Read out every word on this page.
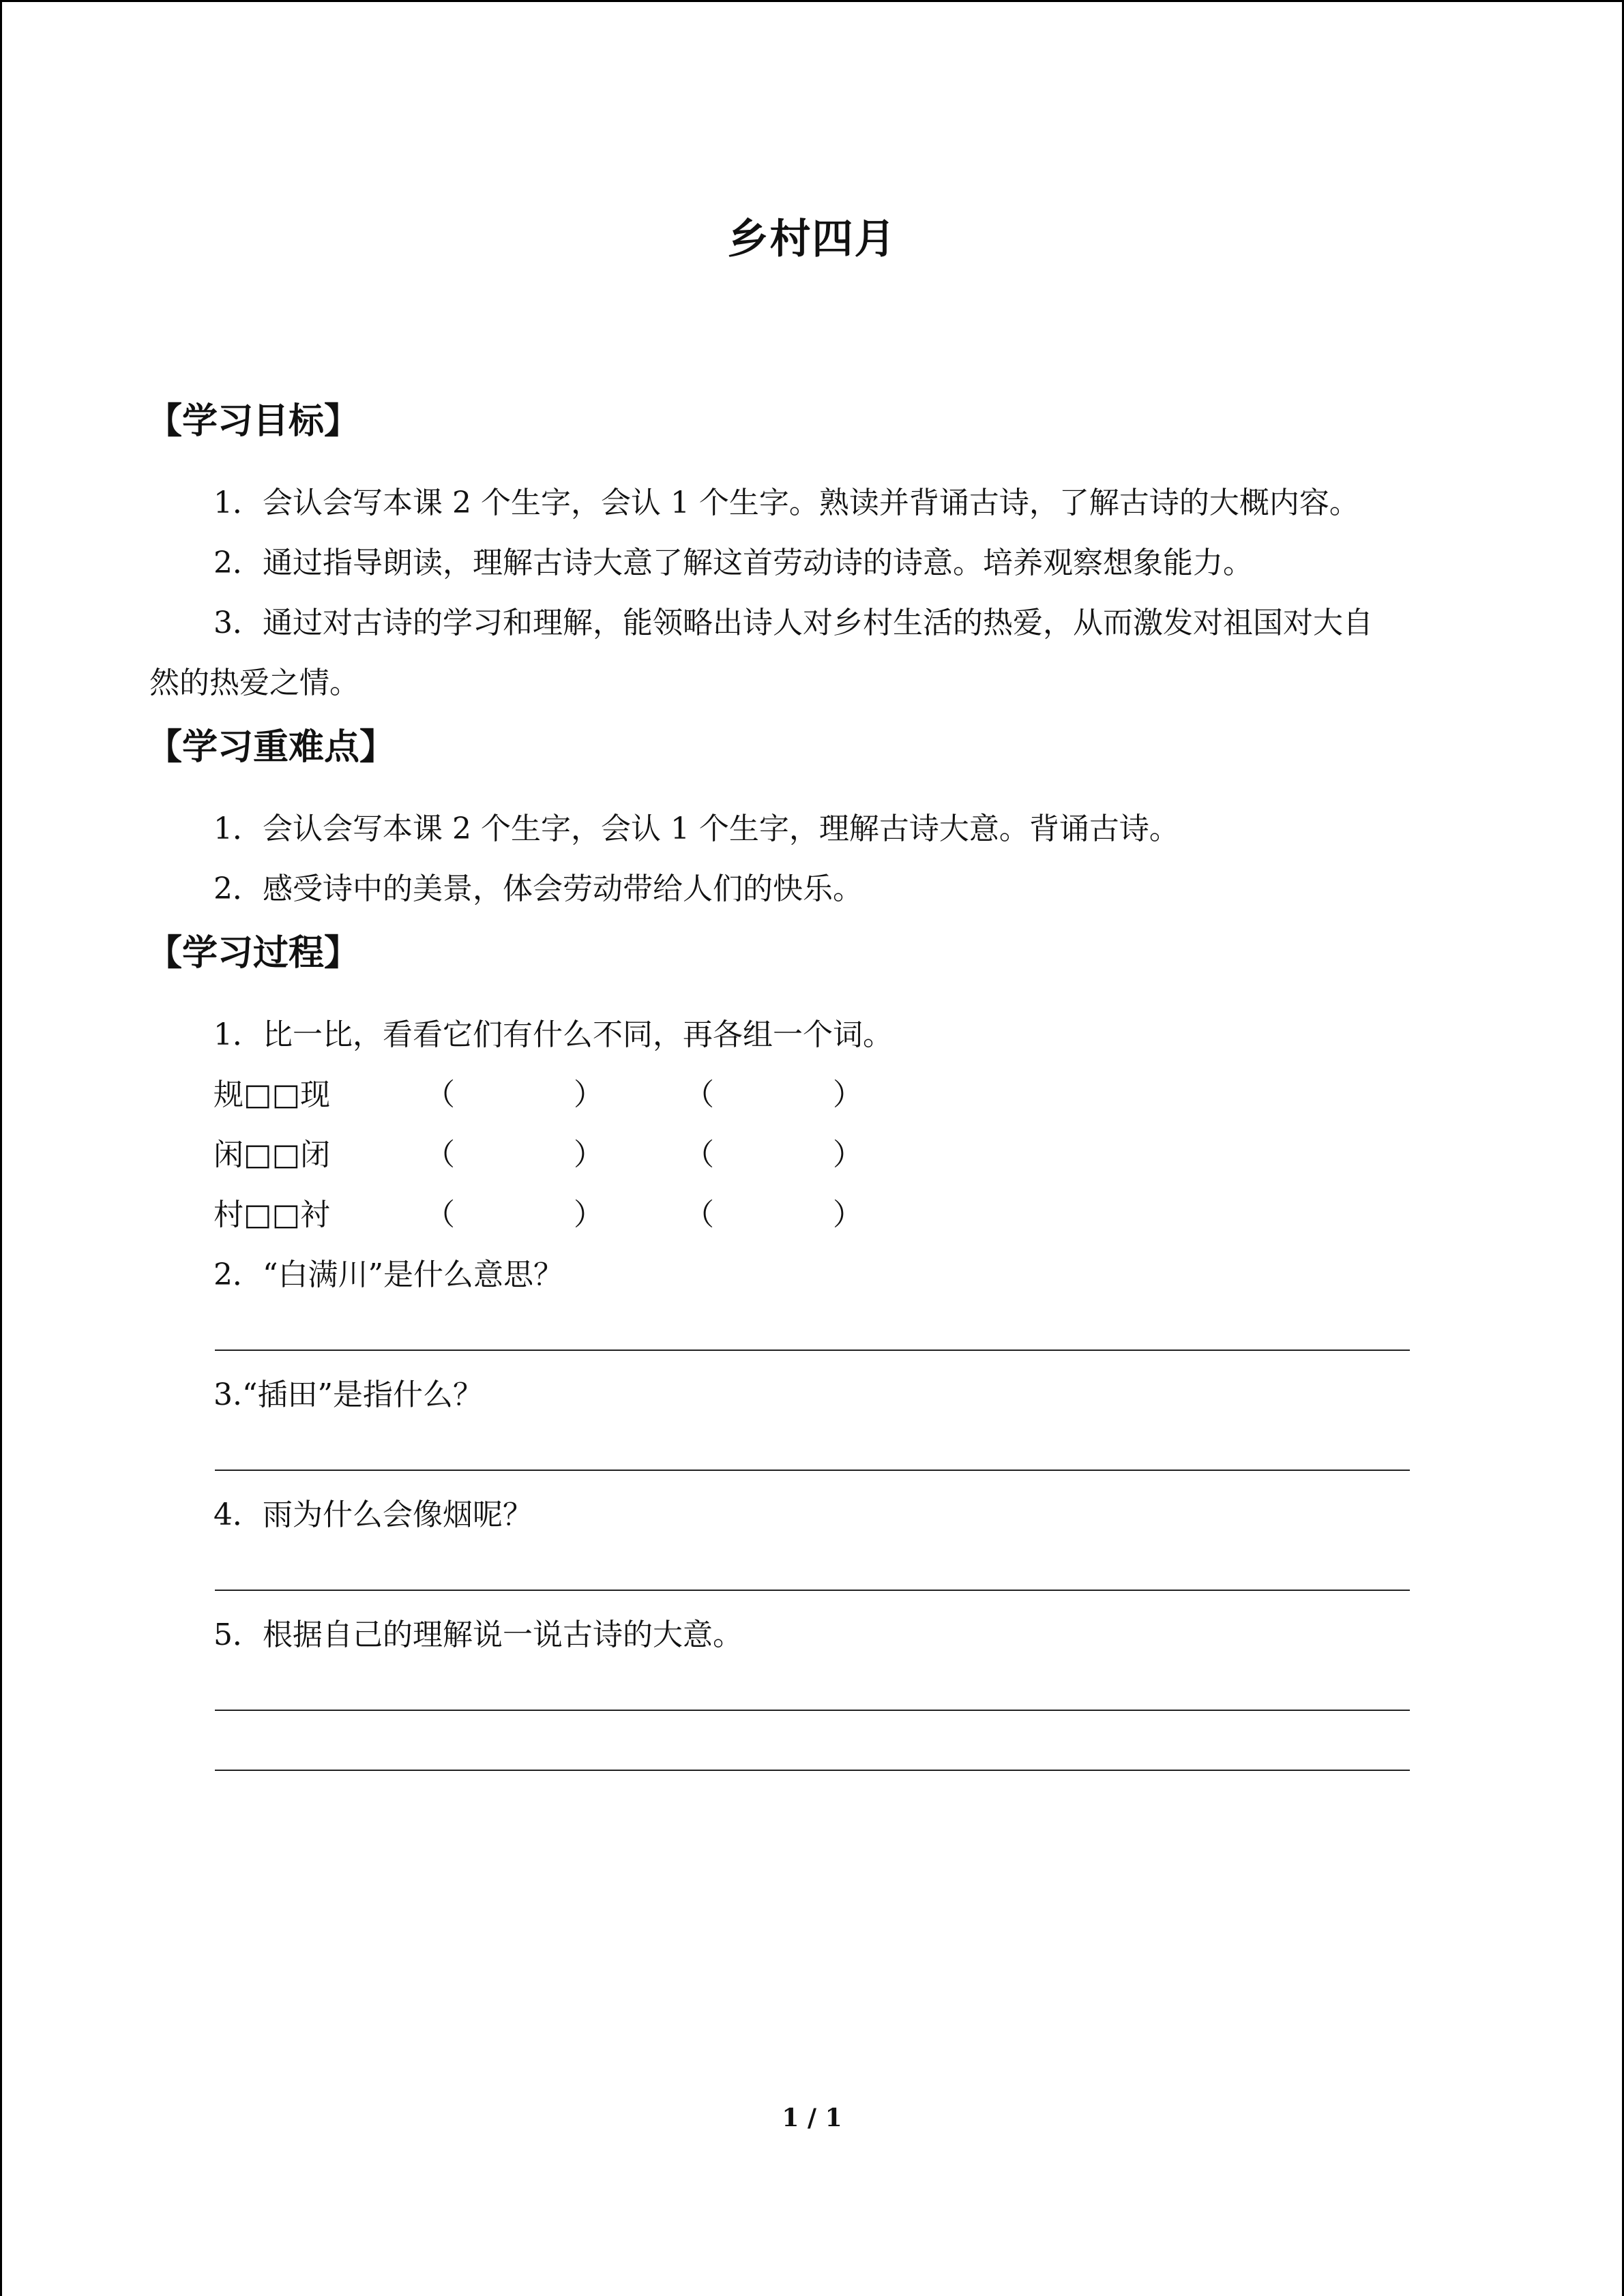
乡村四月
【学习目标】
1．会认会写本课 2 个生字，会认 1 个生字。熟读并背诵古诗，了解古诗的大概内容。
2．通过指导朗读，理解古诗大意了解这首劳动诗的诗意。培养观察想象能力。
3．通过对古诗的学习和理解，能领略出诗人对乡村生活的热爱，从而激发对祖国对大自
然的热爱之情。
【学习重难点】
1．会认会写本课 2 个生字，会认 1 个生字，理解古诗大意。背诵古诗。
2．感受诗中的美景，体会劳动带给人们的快乐。
【学习过程】
1．比一比，看看它们有什么不同，再各组一个词。
规□□现	（	）	（	）
闲□□闭	（	）	（	）
村□□衬	（	）	（	）
2．“白满川”是什么意思？
3.“插田”是指什么？
4．雨为什么会像烟呢？
5．根据自己的理解说一说古诗的大意。
1 / 1
